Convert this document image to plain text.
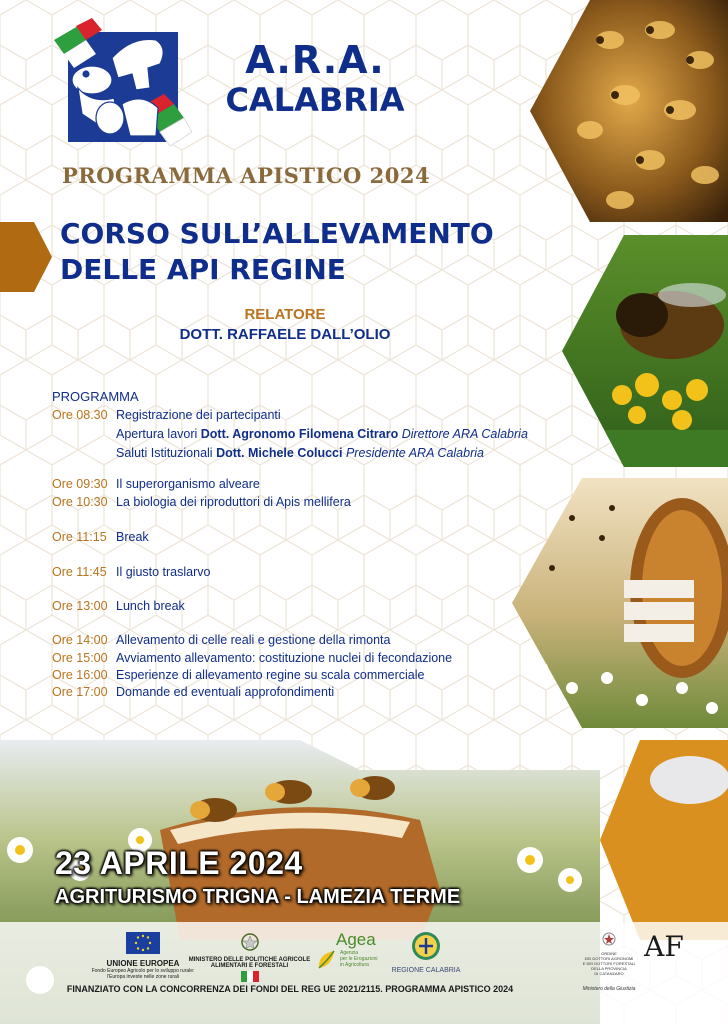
A.R.A.
CALABRIA
PROGRAMMA APISTICO 2024
CORSO SULL’ALLEVAMENTO
DELLE API REGINE
RELATORE
DOTT. RAFFAELE DALL’OLIO
PROGRAMMA
Ore 08.30 Registrazione dei partecipanti
Apertura lavori Dott. Agronomo Filomena Citraro Direttore ARA Calabria
Saluti Istituzionali Dott. Michele Colucci Presidente ARA Calabria
Ore 09:30 Il superorganismo alveare
Ore 10:30 La biologia dei riproduttori di Apis mellifera
Ore 11:15 Break
Ore 11:45 Il giusto traslarvo
Ore 13:00 Lunch break
Ore 14:00 Allevamento di celle reali e gestione della rimonta
Ore 15:00 Avviamento allevamento: costituzione nuclei di fecondazione
Ore 16:00 Esperienze di allevamento regine su scala commerciale
Ore 17:00 Domande ed eventuali approfondimenti
23 APRILE 2024
AGRITURISMO TRIGNA - LAMEZIA TERME
UNIONE EUROPEA
Fondo Europeo Agricolo per lo sviluppo rurale:
l'Europa investe nelle zone rurali
MINISTERO DELLE POLITICHE AGRICOLE
ALIMENTARI E FORESTALI
Agea
Agenzia
per le Erogazioni
in Agricoltura
REGIONE CALABRIA
ORDINE
DEI DOTTORI AGRONOMI
E DEI DOTTORI FORESTALI
DELLA PROVINCIA
DI CATANZARO
Ministero della Giustizia
AF
FINANZIATO CON LA CONCORRENZA DEI FONDI DEL REG UE 2021/2115. PROGRAMMA APISTICO 2024
